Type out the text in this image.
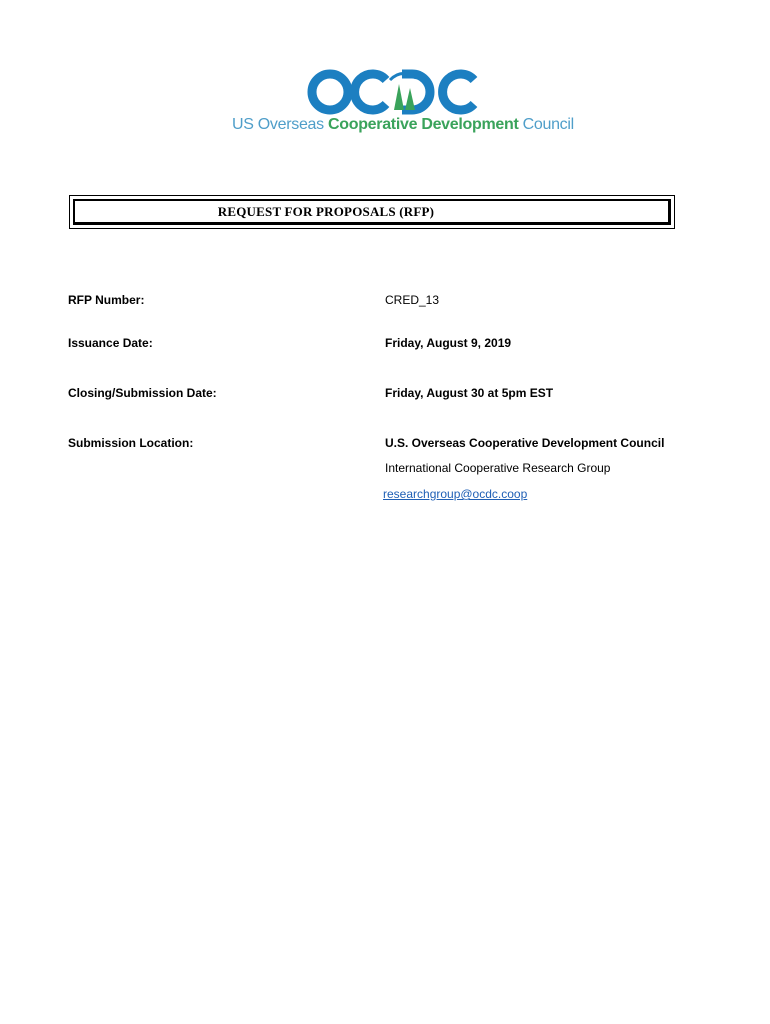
US Overseas Cooperative Development Council
REQUEST FOR PROPOSALS (RFP)
RFP Number:	CRED_13
Issuance Date:	Friday, August 9, 2019
Closing/Submission Date:	Friday, August 30 at 5pm EST
Submission Location:	U.S. Overseas Cooperative Development Council
International Cooperative Research Group
researchgroup@ocdc.coop
